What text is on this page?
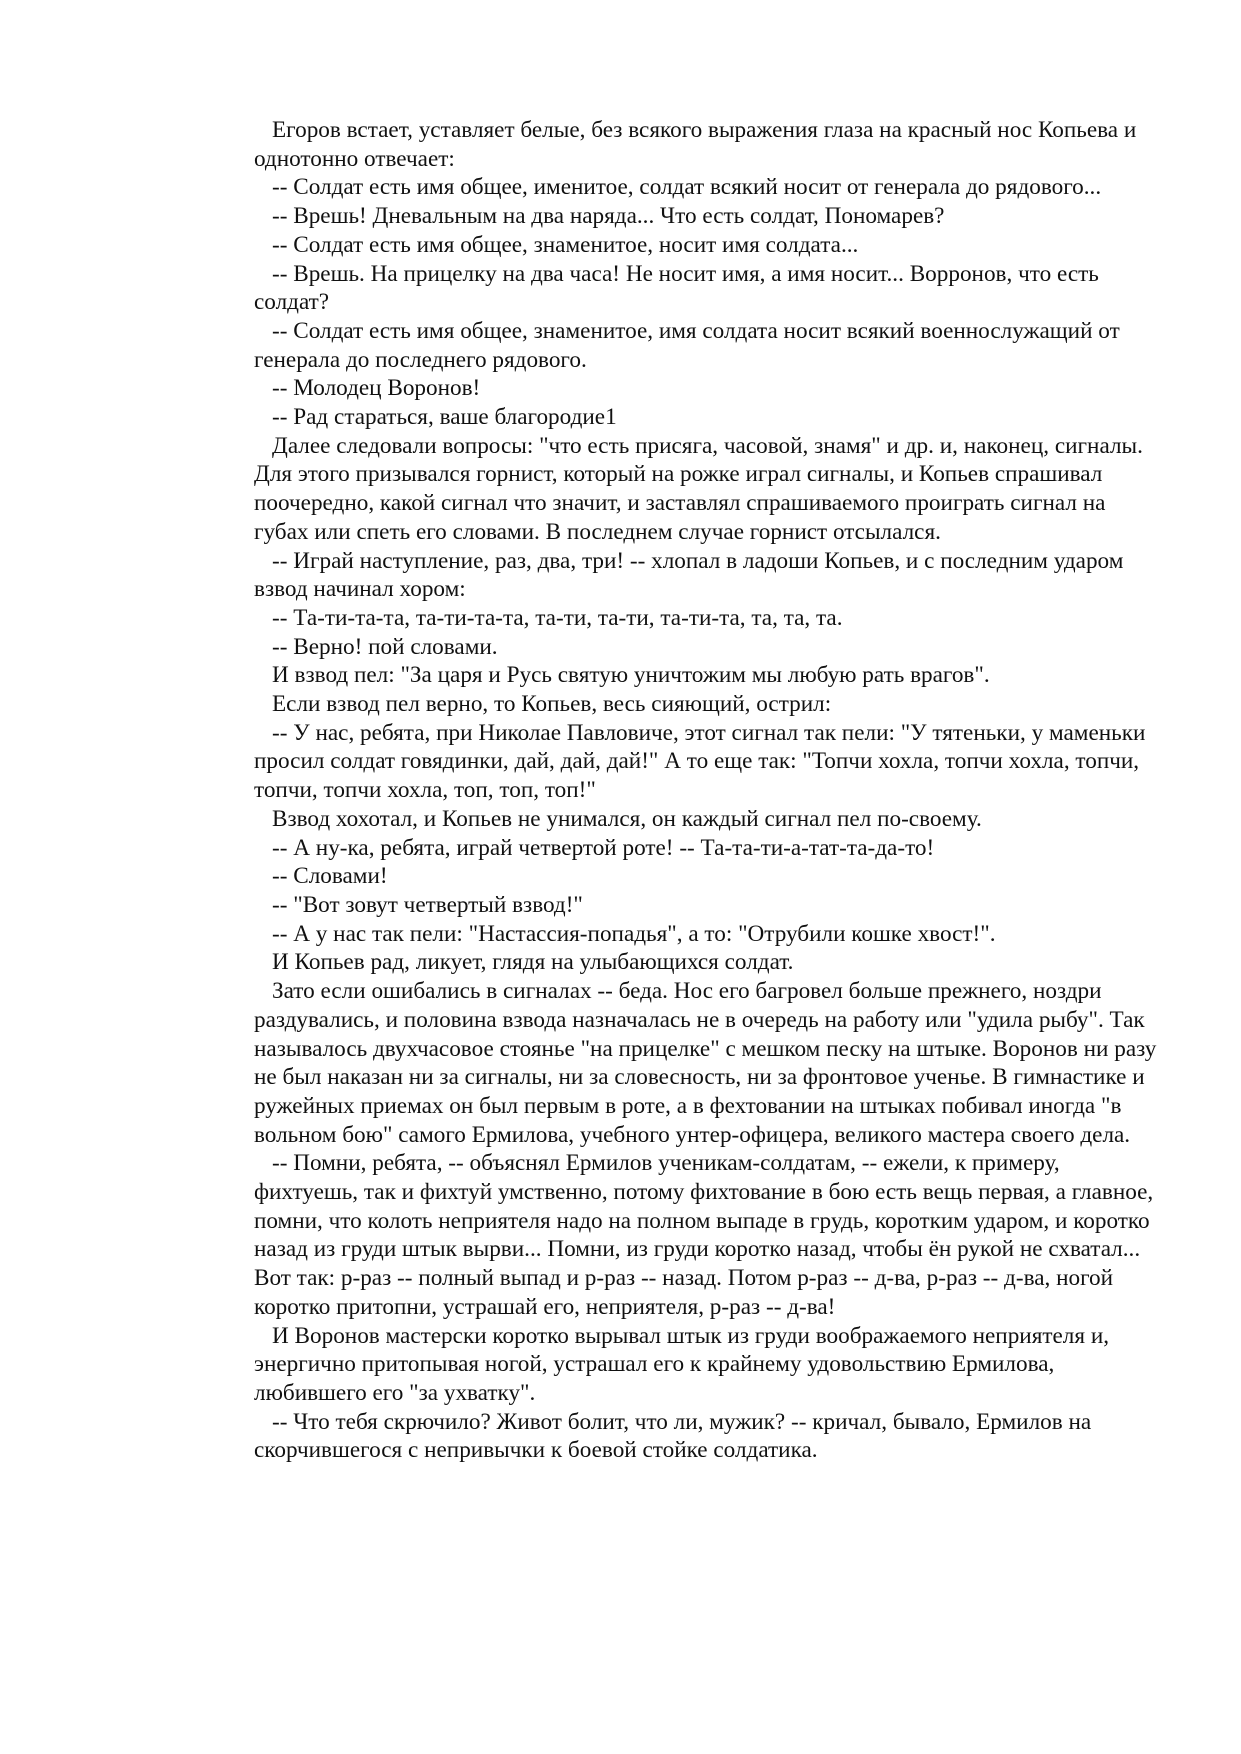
Егоров встает, уставляет белые, без всякого выражения глаза на красный нос Копьева и однотонно отвечает:

-- Солдат есть имя общее, именитое, солдат всякий носит от генерала до рядового...

-- Врешь! Дневальным на два наряда... Что есть солдат, Пономарев?

-- Солдат есть имя общее, знаменитое, носит имя солдата...

-- Врешь. На прицелку на два часа! Не носит имя, а имя носит... Ворронов, что есть солдат?

-- Солдат есть имя общее, знаменитое, имя солдата носит всякий военнослужащий от генерала до последнего рядового.

-- Молодец Воронов!

-- Рад стараться, ваше благородие1

Далее следовали вопросы: "что есть присяга, часовой, знамя" и др. и, наконец, сигналы. Для этого призывался горнист, который на рожке играл сигналы, и Копьев спрашивал поочередно, какой сигнал что значит, и заставлял спрашиваемого проиграть сигнал на губах или спеть его словами. В последнем случае горнист отсылался.

-- Играй наступление, раз, два, три! -- хлопал в ладоши Копьев, и с последним ударом взвод начинал хором:

-- Та-ти-та-та, та-ти-та-та, та-ти, та-ти, та-ти-та, та, та, та.

-- Верно! пой словами.

И взвод пел: "За царя и Русь святую уничтожим мы любую рать врагов".

Если взвод пел верно, то Копьев, весь сияющий, острил:

-- У нас, ребята, при Николае Павловиче, этот сигнал так пели: "У тятеньки, у маменьки просил солдат говядинки, дай, дай, дай!" А то еще так: "Топчи хохла, топчи хохла, топчи, топчи, топчи хохла, топ, топ, топ!"

Взвод хохотал, и Копьев не унимался, он каждый сигнал пел по-своему.

-- А ну-ка, ребята, играй четвертой роте! -- Та-та-ти-а-тат-та-да-то!

-- Словами!

-- "Вот зовут четвертый взвод!"

-- А у нас так пели: "Настассия-попадья", а то: "Отрубили кошке хвост!".

И Копьев рад, ликует, глядя на улыбающихся солдат.

Зато если ошибались в сигналах -- беда. Нос его багровел больше прежнего, ноздри раздувались, и половина взвода назначалась не в очередь на работу или "удила рыбу". Так называлось двухчасовое стоянье "на прицелке" с мешком песку на штыке. Воронов ни разу не был наказан ни за сигналы, ни за словесность, ни за фронтовое ученье. В гимнастике и ружейных приемах он был первым в роте, а в фехтовании на штыках побивал иногда "в вольном бою" самого Ермилова, учебного унтер-офицера, великого мастера своего дела.

-- Помни, ребята, -- объяснял Ермилов ученикам-солдатам, -- ежели, к примеру, фихтуешь, так и фихтуй умственно, потому фихтование в бою есть вещь первая, а главное, помни, что колоть неприятеля надо на полном выпаде в грудь, коротким ударом, и коротко назад из груди штык вырви... Помни, из груди коротко назад, чтобы ён рукой не схватал... Вот так: р-раз -- полный выпад и р-раз -- назад. Потом р-раз -- д-ва, р-раз -- д-ва, ногой коротко притопни, устрашай его, неприятеля, р-раз -- д-ва!

И Воронов мастерски коротко вырывал штык из груди воображаемого неприятеля и, энергично притопывая ногой, устрашал его к крайнему удовольствию Ермилова, любившего его "за ухватку".

-- Что тебя скрючило? Живот болит, что ли, мужик? -- кричал, бывало, Ермилов на скорчившегося с непривычки к боевой стойке солдатика.
